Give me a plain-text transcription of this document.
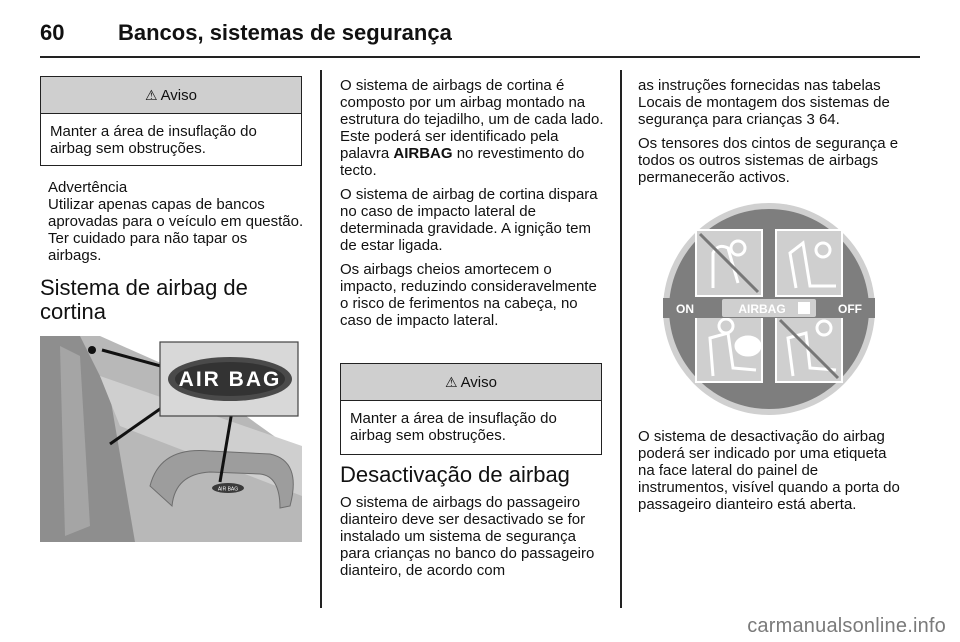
60 Bancos, sistemas de segurança
⚠ Aviso
Manter a área de insuflação do airbag sem obstruções.
Advertência
Utilizar apenas capas de bancos aprovadas para o veículo em questão. Ter cuidado para não tapar os airbags.
Sistema de airbag de cortina
AIR BAG
AIR BAG

O sistema de airbags de cortina é composto por um airbag montado na estrutura do tejadilho, um de cada lado. Este poderá ser identificado pela palavra AIRBAG no revestimento do tecto.

O sistema de airbag de cortina dispara no caso de impacto lateral de determinada gravidade. A ignição tem de estar ligada.

Os airbags cheios amortecem o impacto, reduzindo consideravelmente o risco de ferimentos na cabeça, no caso de impacto lateral.

⚠ Aviso
Manter a área de insuflação do airbag sem obstruções.
Desactivação de airbag
O sistema de airbags do passageiro dianteiro deve ser desactivado se for instalado um sistema de segurança para crianças no banco do passageiro dianteiro, de acordo com

as instruções fornecidas nas tabelas Locais de montagem dos sistemas de segurança para crianças 3 64.

Os tensores dos cintos de segurança e todos os outros sistemas de airbags permanecerão activos.

ON	AIRBAG	OFF
O sistema de desactivação do airbag poderá ser indicado por uma etiqueta na face lateral do painel de instrumentos, visível quando a porta do passageiro dianteiro está aberta.
carmanualsonline.info
